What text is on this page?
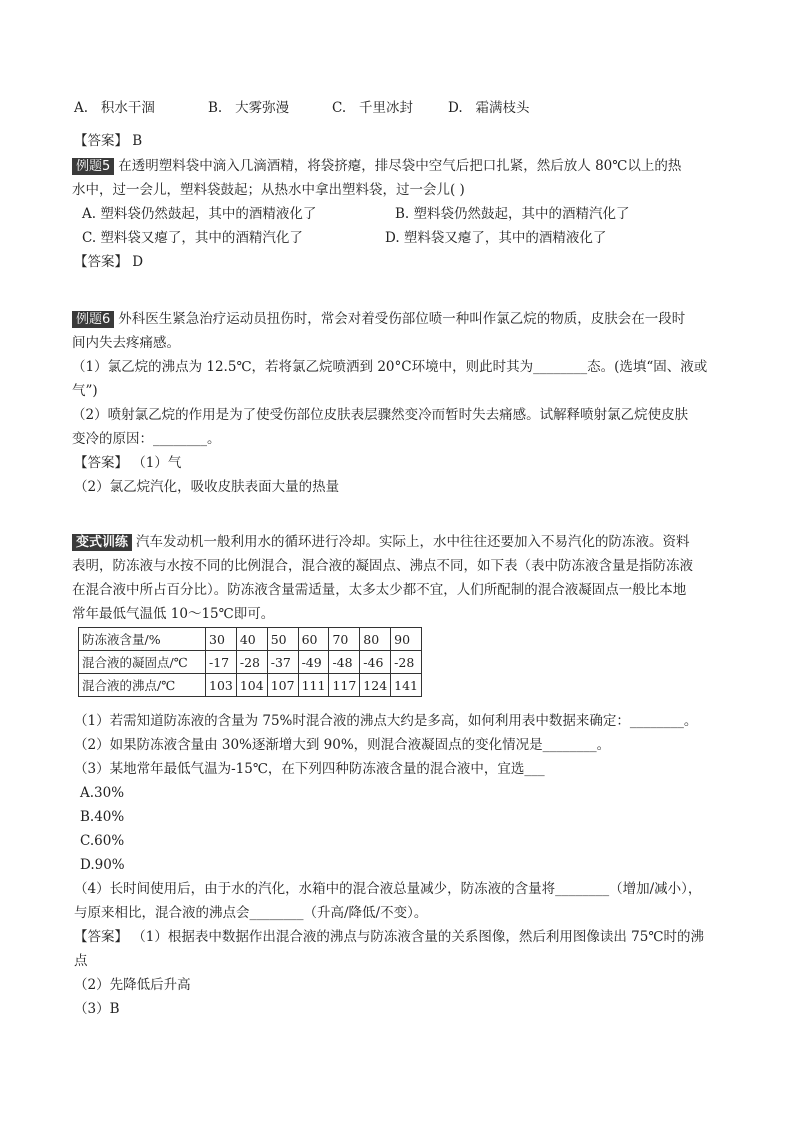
A. 积水干涸	B. 大雾弥漫	C. 千里冰封	D. 霜满枝头
【答案】 B
例题5 在透明塑料袋中滴入几滴酒精，将袋挤瘪，排尽袋中空气后把口扎紧，然后放人 80℃以上的热
水中，过一会儿，塑料袋鼓起；从热水中拿出塑料袋，过一会儿( )
A. 塑料袋仍然鼓起，其中的酒精液化了	B. 塑料袋仍然鼓起，其中的酒精汽化了
C. 塑料袋又瘪了，其中的酒精汽化了	D. 塑料袋又瘪了，其中的酒精液化了
【答案】 D
例题6 外科医生紧急治疗运动员扭伤时，常会对着受伤部位喷一种叫作氯乙烷的物质，皮肤会在一段时
间内失去疼痛感。
（1）氯乙烷的沸点为 12.5℃，若将氯乙烷喷洒到 20°C环境中，则此时其为________态。(选填“固、液或
气”)
（2）喷射氯乙烷的作用是为了使受伤部位皮肤表层骤然变冷而暂时失去痛感。试解释喷射氯乙烷使皮肤
变冷的原因：________。
【答案】 （1）气
（2）氯乙烷汽化，吸收皮肤表面大量的热量
变式训练 汽车发动机一般利用水的循环进行冷却。实际上，水中往往还要加入不易汽化的防冻液。资料
表明，防冻液与水按不同的比例混合，混合液的凝固点、沸点不同，如下表（表中防冻液含量是指防冻液
在混合液中所占百分比）。防冻液含量需适量，太多太少都不宜，人们所配制的混合液凝固点一般比本地
常年最低气温低 10～15℃即可。
防冻液含量/%	30	40	50	60	70	80	90
混合液的凝固点/℃	-17	-28	-37	-49	-48	-46	-28
混合液的沸点/℃	103	104	107	111	117	124	141
（1）若需知道防冻液的含量为 75%时混合液的沸点大约是多高，如何利用表中数据来确定：________。
（2）如果防冻液含量由 30%逐渐增大到 90%，则混合液凝固点的变化情况是________。
（3）某地常年最低气温为-15℃，在下列四种防冻液含量的混合液中，宜选___
A.30%
B.40%
C.60%
D.90%
（4）长时间使用后，由于水的汽化，水箱中的混合液总量减少，防冻液的含量将________（增加/减小），
与原来相比，混合液的沸点会________（升高/降低/不变）。
【答案】 （1）根据表中数据作出混合液的沸点与防冻液含量的关系图像，然后利用图像读出 75℃时的沸
点
（2）先降低后升高
（3）B
